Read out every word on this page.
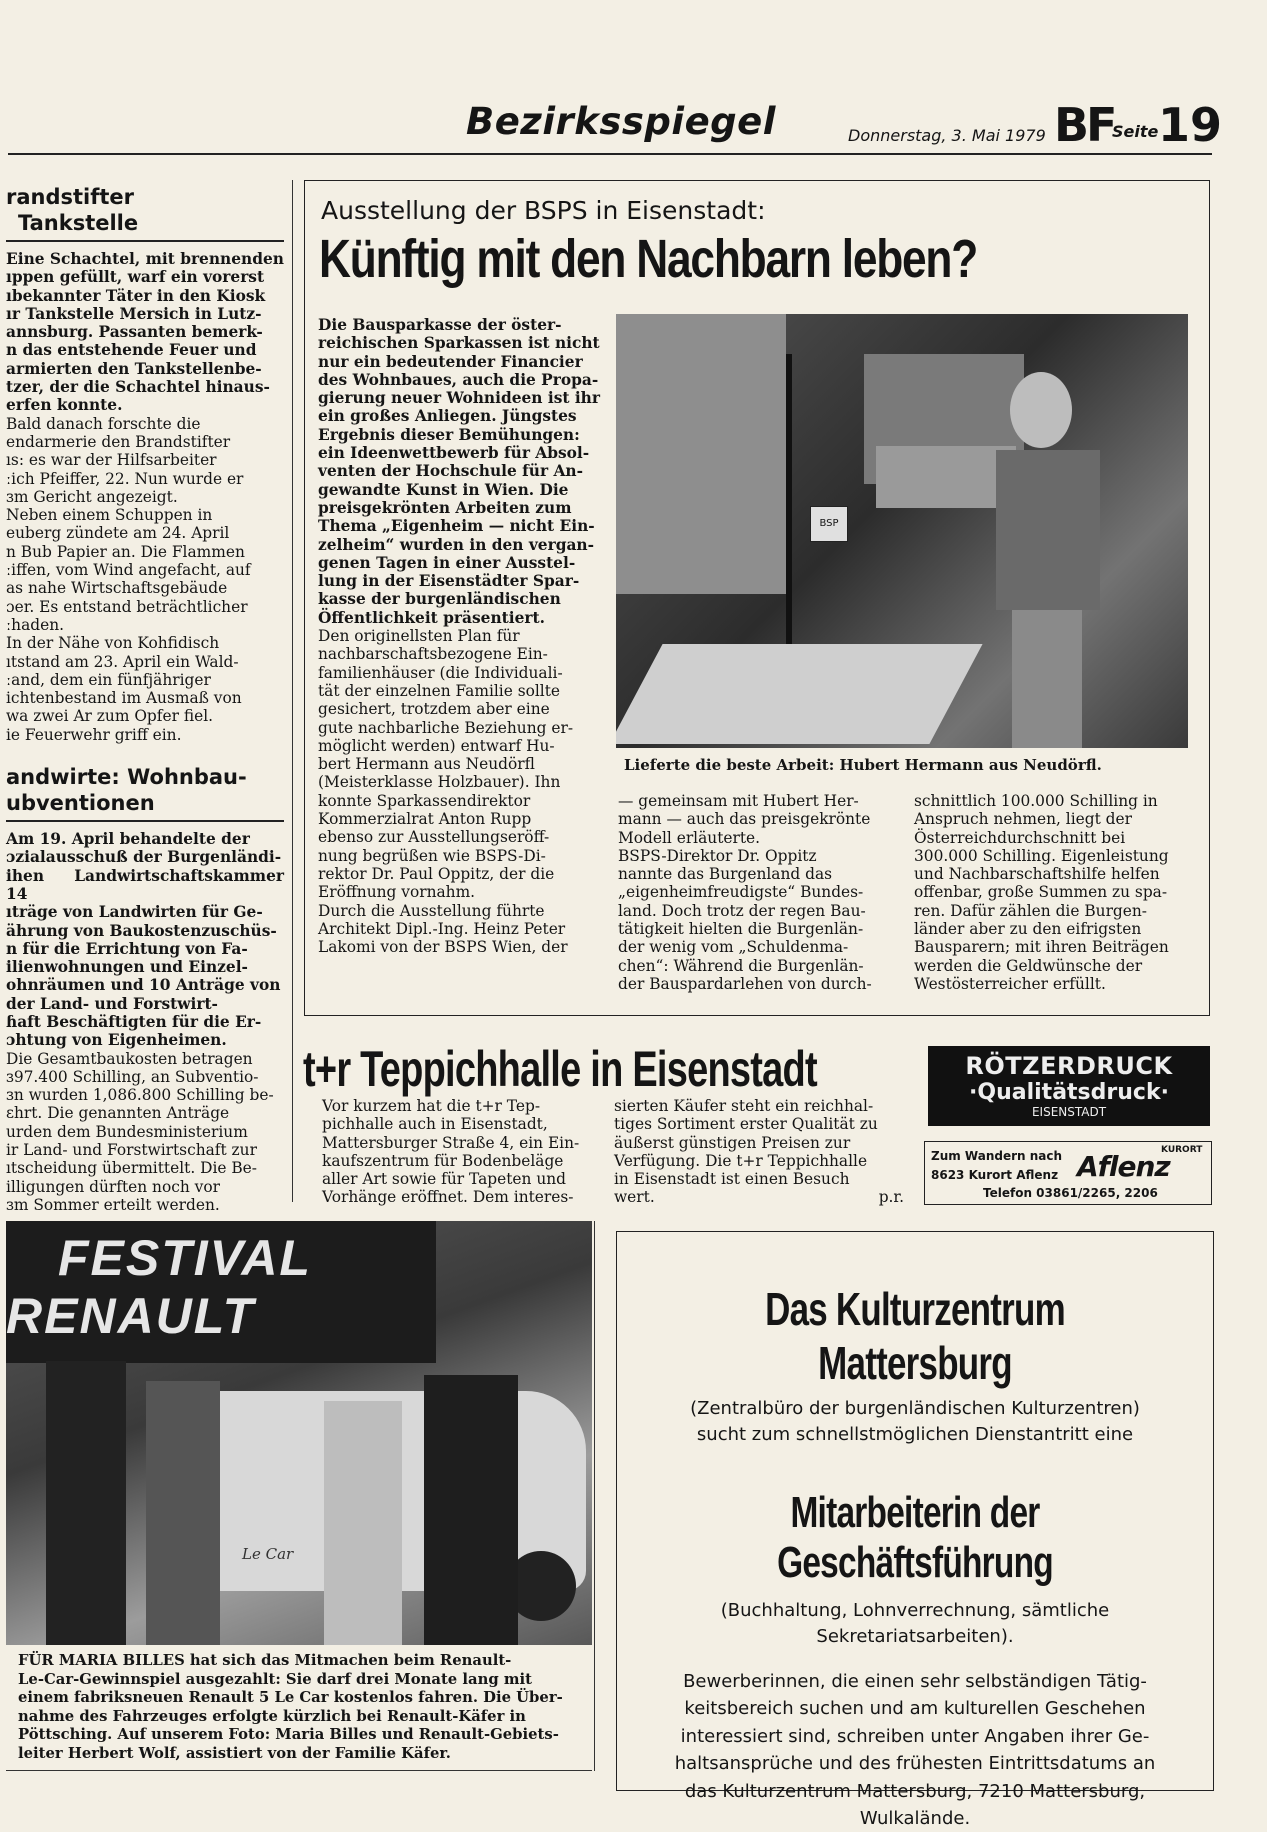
Bezirksspiegel	Donnerstag, 3. Mai 1979 BF
Seite 19
randstifter
Tankstelle

Eine Schachtel, mit brennenden

ıppen gefüllt, warf ein vorerst

ıbekannter Täter in den Kiosk

ır Tankstelle Mersich in Lutz-

annsburg. Passanten bemerk-

n das entstehende Feuer und

armierten den Tankstellenbe-

tzer, der die Schachtel hinaus-

erfen konnte.

Bald danach forschte die

endarmerie den Brandstifter

ıs: es war der Hilfsarbeiter

ːich Pfeiffer, 22. Nun wurde er

ɜm Gericht angezeigt.

Neben einem Schuppen in

euberg zündete am 24. April

n Bub Papier an. Die Flammen

ːiffen, vom Wind angefacht, auf

as nahe Wirtschaftsgebäude

ɔer. Es entstand beträchtlicher

ːhaden.

In der Nähe von Kohfidisch

ıtstand am 23. April ein Wald-

ːand, dem ein fünfjähriger

ichtenbestand im Ausmaß von

wa zwei Ar zum Opfer fiel.

ie Feuerwehr griff ein.

andwirte: Wohnbau-
ubventionen

Am 19. April behandelte der

ɔzialausschuß der Burgenländi-

ihen Landwirtschaftskammer 14

ıträge von Landwirten für Ge-

ährung von Baukostenzuschüs-

n für die Errichtung von Fa-

ilienwohnungen und Einzel-

ohnräumen und 10 Anträge von

der Land- und Forstwirt-

ɦaft Beschäftigten für die Er-

ɔhtung von Eigenheimen.

Die Gesamtbaukosten betragen

ɜ97.400 Schilling, an Subventio-

ɜn wurden 1,086.800 Schilling be-

ɛhrt. Die genannten Anträge

urden dem Bundesministerium

ir Land- und Forstwirtschaft zur

ıtscheidung übermittelt. Die Be-

illigungen dürften noch vor

ɜm Sommer erteilt werden.

Ausstellung der BSPS in Eisenstadt:
Künftig mit den Nachbarn leben?

Die Bausparkasse der öster-

reichischen Sparkassen ist nicht

nur ein bedeutender Financier

des Wohnbaues, auch die Propa-

gierung neuer Wohnideen ist ihr

ein großes Anliegen. Jüngstes

Ergebnis dieser Bemühungen:

ein Ideenwettbewerb für Absol-

venten der Hochschule für An-

gewandte Kunst in Wien. Die

preisgekrönten Arbeiten zum

Thema „Eigenheim — nicht Ein-

zelheim“ wurden in den vergan-

genen Tagen in einer Ausstel-

lung in der Eisenstädter Spar-

kasse der burgenländischen

Öffentlichkeit präsentiert.

Den originellsten Plan für

nachbarschaftsbezogene Ein-

familienhäuser (die Individuali-

tät der einzelnen Familie sollte

gesichert, trotzdem aber eine

gute nachbarliche Beziehung er-

möglicht werden) entwarf Hu-

bert Hermann aus Neudörfl

(Meisterklasse Holzbauer). Ihn

konnte Sparkassendirektor

Kommerzialrat Anton Rupp

ebenso zur Ausstellungseröff-

nung begrüßen wie BSPS-Di-

rektor Dr. Paul Oppitz, der die

Eröffnung vornahm.

Durch die Ausstellung führte

Architekt Dipl.-Ing. Heinz Peter

Lakomi von der BSPS Wien, der

BSP
Lieferte die beste Arbeit: Hubert Hermann aus Neudörfl.

— gemeinsam mit Hubert Her-

mann — auch das preisgekrönte

Modell erläuterte.

BSPS-Direktor Dr. Oppitz

nannte das Burgenland das

„eigenheimfreudigste“ Bundes-

land. Doch trotz der regen Bau-

tätigkeit hielten die Burgenlän-

der wenig vom „Schuldenma-

chen“: Während die Burgenlän-

der Bauspardarlehen von durch-

schnittlich 100.000 Schilling in

Anspruch nehmen, liegt der

Österreichdurchschnitt bei

300.000 Schilling. Eigenleistung

und Nachbarschaftshilfe helfen

offenbar, große Summen zu spa-

ren. Dafür zählen die Burgen-

länder aber zu den eifrigsten

Bausparern; mit ihren Beiträgen

werden die Geldwünsche der

Westösterreicher erfüllt.

t+r Teppichhalle in Eisenstadt

Vor kurzem hat die t+r Tep-

pichhalle auch in Eisenstadt,

Mattersburger Straße 4, ein Ein-

kaufszentrum für Bodenbeläge

aller Art sowie für Tapeten und

Vorhänge eröffnet. Dem interes-

sierten Käufer steht ein reichhal-

tiges Sortiment erster Qualität zu

äußerst günstigen Preisen zur

Verfügung. Die t+r Teppichhalle

in Eisenstadt ist einen Besuch

wert.	p.r.

RÖTZERDRUCK
·Qualitätsdruck·
EISENSTADT
Zum Wandern nach
8623 Kurort Aflenz
KURORT
Aflenz
Telefon 03861/2265, 2206
FESTIVAL
RENAULT
Le Car

FÜR MARIA BILLES hat sich das Mitmachen beim Renault-

Le-Car-Gewinnspiel ausgezahlt: Sie darf drei Monate lang mit

einem fabriksneuen Renault 5 Le Car kostenlos fahren. Die Über-

nahme des Fahrzeuges erfolgte kürzlich bei Renault-Käfer in

Pöttsching. Auf unserem Foto: Maria Billes und Renault-Gebiets-

leiter Herbert Wolf, assistiert von der Familie Käfer.

Das Kulturzentrum Mattersburg
(Zentralbüro der burgenländischen Kulturzentren)
sucht zum schnellstmöglichen Dienstantritt eine
Mitarbeiterin der Geschäftsführung
(Buchhaltung, Lohnverrechnung, sämtliche
Sekretariatsarbeiten).
Bewerberinnen, die einen sehr selbständigen Tätig-
keitsbereich suchen und am kulturellen Geschehen
interessiert sind, schreiben unter Angaben ihrer Ge-
haltsansprüche und des frühesten Eintrittsdatums an
das Kulturzentrum Mattersburg, 7210 Mattersburg,
Wulkalände.
